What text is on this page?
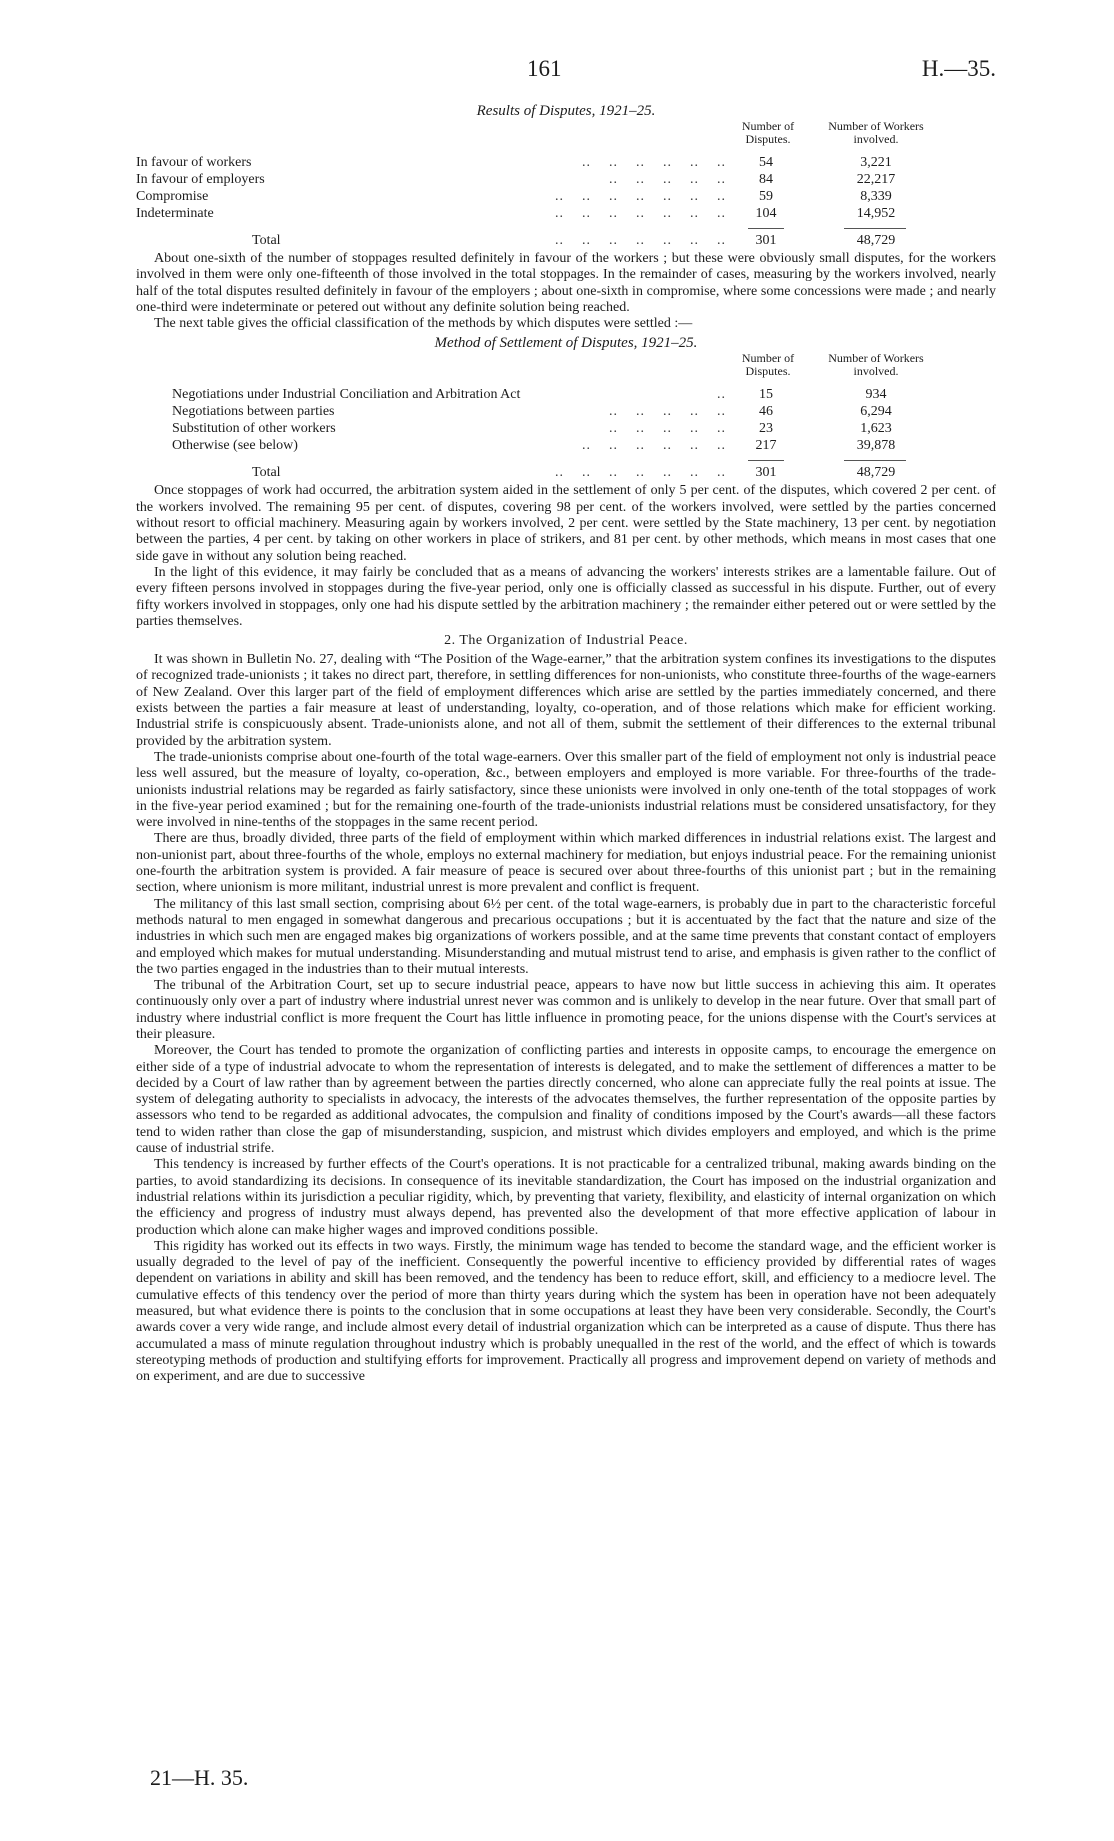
161	H.—35.
Results of Disputes, 1921–25.
Number of Disputes.
Number of Workers involved.
..    ..    ..    ..    ..    ..
In favour of workers	54	3,221
..    ..    ..    ..    ..
In favour of employers	84	22,217
..    ..    ..    ..    ..    ..    ..
Compromise	59	8,339
..    ..    ..    ..    ..    ..    ..
Indeterminate	104	14,952
..    ..    ..    ..    ..    ..    ..
Total	301	48,729

About one-sixth of the number of stoppages resulted definitely in favour of the workers ; but these were obviously small disputes, for the workers involved in them were only one-fifteenth of those involved in the total stoppages. In the remainder of cases, measuring by the workers involved, nearly half of the total disputes resulted definitely in favour of the employers ; about one-sixth in compromise, where some concessions were made ; and nearly one-third were indeterminate or petered out without any definite solution being reached.

The next table gives the official classification of the methods by which disputes were settled :—

Method of Settlement of Disputes, 1921–25.
Number of Disputes.
Number of Workers involved.
..
Negotiations under Industrial Conciliation and Arbitration Act	15	934
..    ..    ..    ..    ..
Negotiations between parties	46	6,294
..    ..    ..    ..    ..
Substitution of other workers	23	1,623
..    ..    ..    ..    ..    ..
Otherwise (see below)	217	39,878
..    ..    ..    ..    ..    ..    ..
Total	301	48,729

Once stoppages of work had occurred, the arbitration system aided in the settlement of only 5 per cent. of the disputes, which covered 2 per cent. of the workers involved. The remaining 95 per cent. of disputes, covering 98 per cent. of the workers involved, were settled by the parties concerned without resort to official machinery. Measuring again by workers involved, 2 per cent. were settled by the State machinery, 13 per cent. by negotiation between the parties, 4 per cent. by taking on other workers in place of strikers, and 81 per cent. by other methods, which means in most cases that one side gave in without any solution being reached.

In the light of this evidence, it may fairly be concluded that as a means of advancing the workers' interests strikes are a lamentable failure. Out of every fifteen persons involved in stoppages during the five-year period, only one is officially classed as successful in his dispute. Further, out of every fifty workers involved in stoppages, only one had his dispute settled by the arbitration machinery ; the remainder either petered out or were settled by the parties themselves.

2. The Organization of Industrial Peace.

It was shown in Bulletin No. 27, dealing with “The Position of the Wage-earner,” that the arbitration system confines its investigations to the disputes of recognized trade-unionists ; it takes no direct part, therefore, in settling differences for non-unionists, who constitute three-fourths of the wage-earners of New Zealand. Over this larger part of the field of employment differences which arise are settled by the parties immediately concerned, and there exists between the parties a fair measure at least of understanding, loyalty, co-operation, and of those relations which make for efficient working. Industrial strife is conspicuously absent. Trade-unionists alone, and not all of them, submit the settlement of their differences to the external tribunal provided by the arbitration system.

The trade-unionists comprise about one-fourth of the total wage-earners. Over this smaller part of the field of employment not only is industrial peace less well assured, but the measure of loyalty, co-operation, &c., between employers and employed is more variable. For three-fourths of the trade-unionists industrial relations may be regarded as fairly satisfactory, since these unionists were involved in only one-tenth of the total stoppages of work in the five-year period examined ; but for the remaining one-fourth of the trade-unionists industrial relations must be considered unsatisfactory, for they were involved in nine-tenths of the stoppages in the same recent period.

There are thus, broadly divided, three parts of the field of employment within which marked differences in industrial relations exist. The largest and non-unionist part, about three-fourths of the whole, employs no external machinery for mediation, but enjoys industrial peace. For the remaining unionist one-fourth the arbitration system is provided. A fair measure of peace is secured over about three-fourths of this unionist part ; but in the remaining section, where unionism is more militant, industrial unrest is more prevalent and conflict is frequent.

The militancy of this last small section, comprising about 6½ per cent. of the total wage-earners, is probably due in part to the characteristic forceful methods natural to men engaged in somewhat dangerous and precarious occupations ; but it is accentuated by the fact that the nature and size of the industries in which such men are engaged makes big organizations of workers possible, and at the same time prevents that constant contact of employers and employed which makes for mutual understanding. Misunderstanding and mutual mistrust tend to arise, and emphasis is given rather to the conflict of the two parties engaged in the industries than to their mutual interests.

The tribunal of the Arbitration Court, set up to secure industrial peace, appears to have now but little success in achieving this aim. It operates continuously only over a part of industry where industrial unrest never was common and is unlikely to develop in the near future. Over that small part of industry where industrial conflict is more frequent the Court has little influence in promoting peace, for the unions dispense with the Court's services at their pleasure.

Moreover, the Court has tended to promote the organization of conflicting parties and interests in opposite camps, to encourage the emergence on either side of a type of industrial advocate to whom the representation of interests is delegated, and to make the settlement of differences a matter to be decided by a Court of law rather than by agreement between the parties directly concerned, who alone can appreciate fully the real points at issue. The system of delegating authority to specialists in advocacy, the interests of the advocates themselves, the further representation of the opposite parties by assessors who tend to be regarded as additional advocates, the compulsion and finality of conditions imposed by the Court's awards—all these factors tend to widen rather than close the gap of misunderstanding, suspicion, and mistrust which divides employers and employed, and which is the prime cause of industrial strife.

This tendency is increased by further effects of the Court's operations. It is not practicable for a centralized tribunal, making awards binding on the parties, to avoid standardizing its decisions. In consequence of its inevitable standardization, the Court has imposed on the industrial organization and industrial relations within its jurisdiction a peculiar rigidity, which, by preventing that variety, flexibility, and elasticity of internal organization on which the efficiency and progress of industry must always depend, has prevented also the development of that more effective application of labour in production which alone can make higher wages and improved conditions possible.

This rigidity has worked out its effects in two ways. Firstly, the minimum wage has tended to become the standard wage, and the efficient worker is usually degraded to the level of pay of the inefficient. Consequently the powerful incentive to efficiency provided by differential rates of wages dependent on variations in ability and skill has been removed, and the tendency has been to reduce effort, skill, and efficiency to a mediocre level. The cumulative effects of this tendency over the period of more than thirty years during which the system has been in operation have not been adequately measured, but what evidence there is points to the conclusion that in some occupations at least they have been very considerable. Secondly, the Court's awards cover a very wide range, and include almost every detail of industrial organization which can be interpreted as a cause of dispute. Thus there has accumulated a mass of minute regulation throughout industry which is probably unequalled in the rest of the world, and the effect of which is towards stereotyping methods of production and stultifying efforts for improvement. Practically all progress and improvement depend on variety of methods and on experiment, and are due to successive

21—H. 35.
